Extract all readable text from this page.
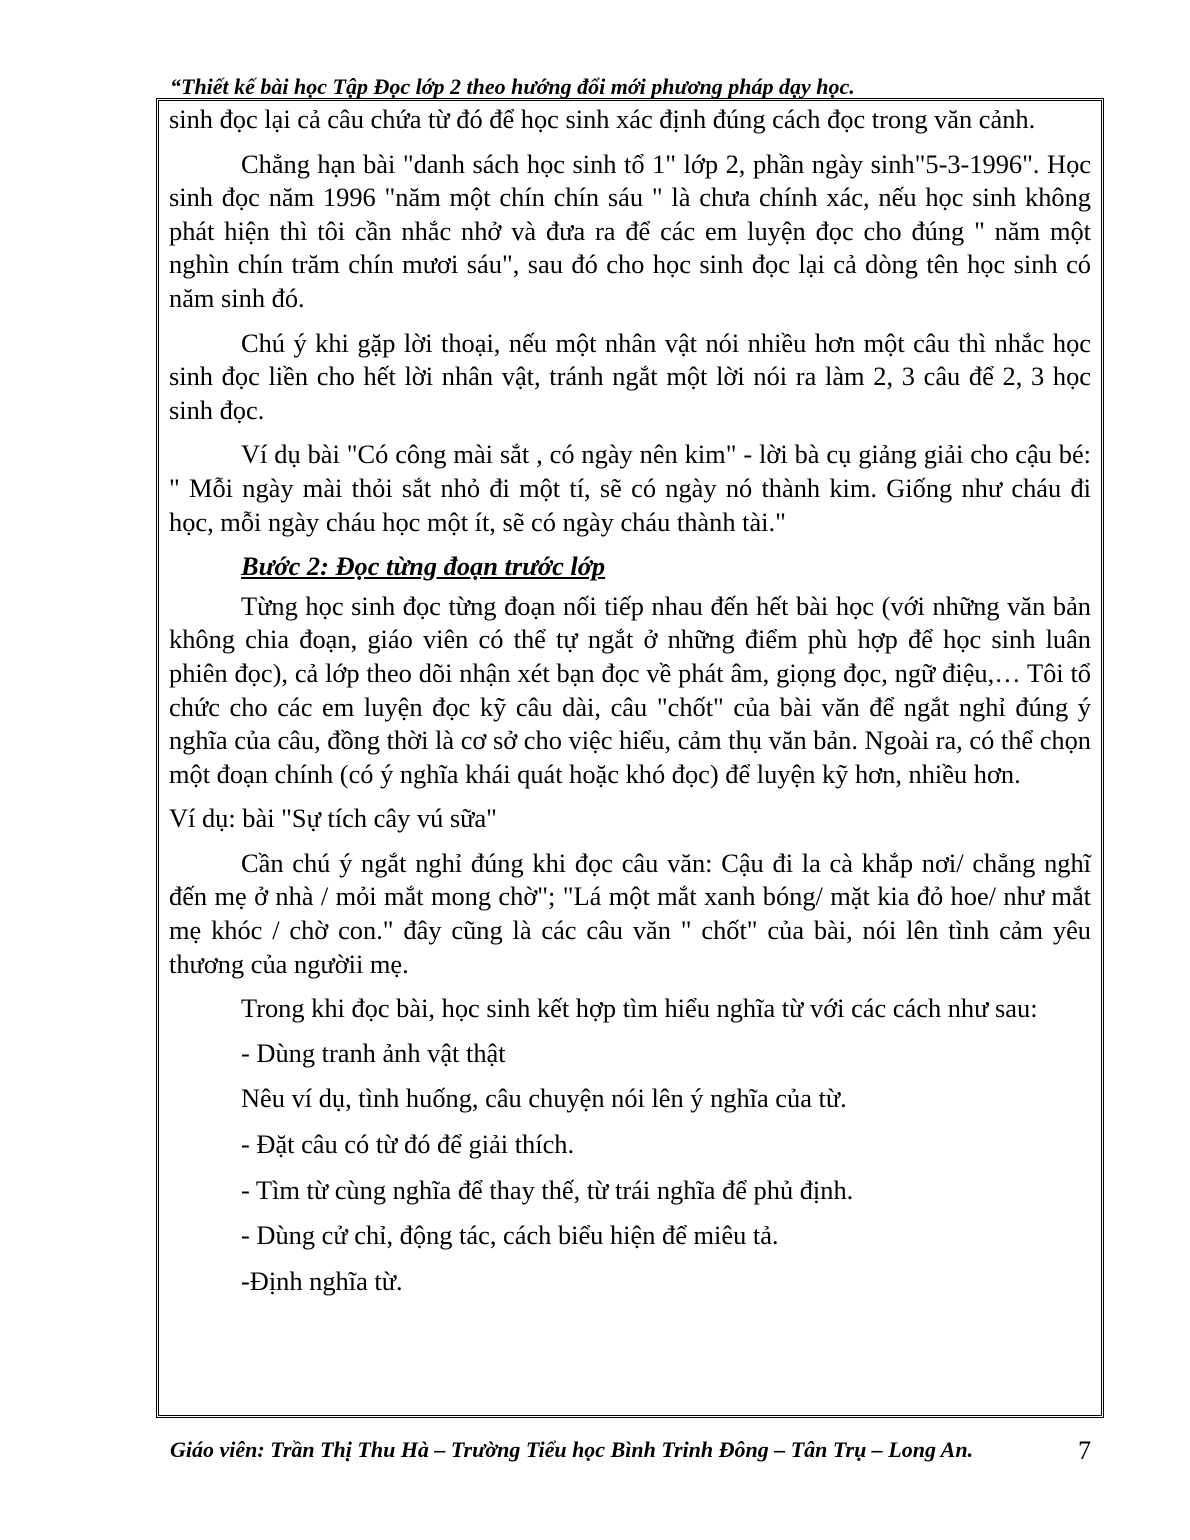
“Thiết kế bài học Tập Đọc lớp 2 theo hướng đổi mới phương pháp dạy học.

sinh đọc lại cả câu chứa từ đó để học sinh xác định đúng cách đọc trong văn cảnh.

Chẳng hạn bài "danh sách học sinh tổ 1" lớp 2, phần ngày sinh"5-3-1996". Học sinh đọc năm 1996 "năm một chín chín sáu " là chưa chính xác, nếu học sinh không phát hiện thì tôi cần nhắc nhở và đưa ra để các em luyện đọc cho đúng " năm một nghìn chín trăm chín mươi sáu", sau đó cho học sinh đọc lại cả dòng tên học sinh có năm sinh đó.

Chú ý khi gặp lời thoại, nếu một nhân vật nói nhiều hơn một câu thì nhắc học sinh đọc liền cho hết lời nhân vật, tránh ngắt một lời nói ra làm 2, 3 câu để 2, 3 học sinh đọc.

Ví dụ bài "Có công mài sắt , có ngày nên kim" - lời bà cụ giảng giải cho cậu bé: " Mỗi ngày mài thỏi sắt nhỏ đi một tí, sẽ có ngày nó thành kim. Giống như cháu đi học, mỗi ngày cháu học một ít, sẽ có ngày cháu thành tài."

Bước 2: Đọc từng đoạn trước lớp

Từng học sinh đọc từng đoạn nối tiếp nhau đến hết bài học (với những văn bản không chia đoạn, giáo viên có thể tự ngắt ở những điểm phù hợp để học sinh luân phiên đọc), cả lớp theo dõi nhận xét bạn đọc về phát âm, giọng đọc, ngữ điệu,… Tôi tổ chức cho các em luyện đọc kỹ câu dài, câu "chốt" của bài văn để ngắt nghỉ đúng ý nghĩa của câu, đồng thời là cơ sở cho việc hiểu, cảm thụ văn bản. Ngoài ra, có thể chọn một đoạn chính (có ý nghĩa khái quát hoặc khó đọc) để luyện kỹ hơn, nhiều hơn.

Ví dụ: bài "Sự tích cây vú sữa"

Cần chú ý ngắt nghỉ đúng khi đọc câu văn: Cậu đi la cà khắp nơi/ chẳng nghĩ đến mẹ ở nhà / mỏi mắt mong chờ"; "Lá một mắt xanh bóng/ mặt kia đỏ hoe/ như mắt mẹ khóc / chờ con." đây cũng là các câu văn " chốt" của bài, nói lên tình cảm yêu thương của ngườii mẹ.

Trong khi đọc bài, học sinh kết hợp tìm hiểu nghĩa từ với các cách như sau:

- Dùng tranh ảnh vật thật

Nêu ví dụ, tình huống, câu chuyện nói lên ý nghĩa của từ.

- Đặt câu có từ đó để giải thích.

- Tìm từ cùng nghĩa để thay thế, từ trái nghĩa để phủ định.

- Dùng cử chỉ, động tác, cách biểu hiện để miêu tả.

-Định nghĩa từ.

Giáo viên: Trần Thị Thu Hà – Trường Tiểu học Bình Trinh Đông – Tân Trụ – Long An.	7
